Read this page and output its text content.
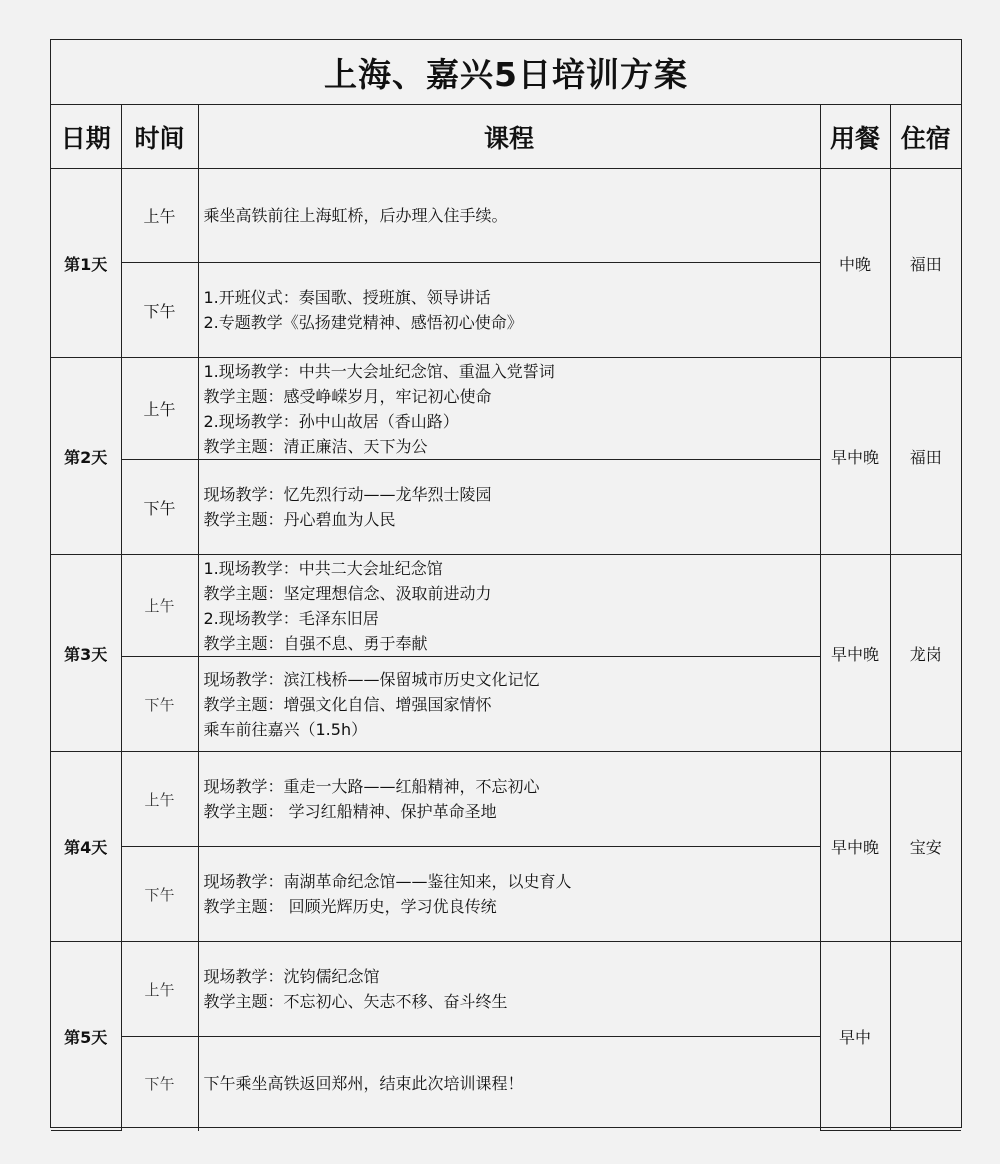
上海、嘉兴5日培训方案
日期	时间	课程	用餐	住宿
第1天	上午	乘坐高铁前往上海虹桥，后办理入住手续。	中晚	福田
	下午	1.开班仪式：奏国歌、授班旗、领导讲话
2.专题教学《弘扬建党精神、感悟初心使命》		

第2天	上午	1.现场教学：中共一大会址纪念馆、重温入党誓词
教学主题：感受峥嵘岁月，牢记初心使命
2.现场教学：孙中山故居（香山路）
教学主题：清正廉洁、天下为公	早中晚	福田
	下午	现场教学：忆先烈行动——龙华烈士陵园
教学主题：丹心碧血为人民		

第3天	上午	1.现场教学：中共二大会址纪念馆
教学主题：坚定理想信念、汲取前进动力
2.现场教学：毛泽东旧居
教学主题：自强不息、勇于奉献	早中晚	龙岗
	下午	现场教学：滨江栈桥——保留城市历史文化记忆
教学主题：增强文化自信、增强国家情怀
乘车前往嘉兴（1.5h）		

第4天	上午	现场教学：重走一大路——红船精神，不忘初心
教学主题： 学习红船精神、保护革命圣地	早中晚	宝安
	下午	现场教学：南湖革命纪念馆——鉴往知来，以史育人
教学主题： 回顾光辉历史，学习优良传统		

第5天	上午	现场教学：沈钧儒纪念馆
教学主题：不忘初心、矢志不移、奋斗终生	早中	
	下午	下午乘坐高铁返回郑州，结束此次培训课程！		
